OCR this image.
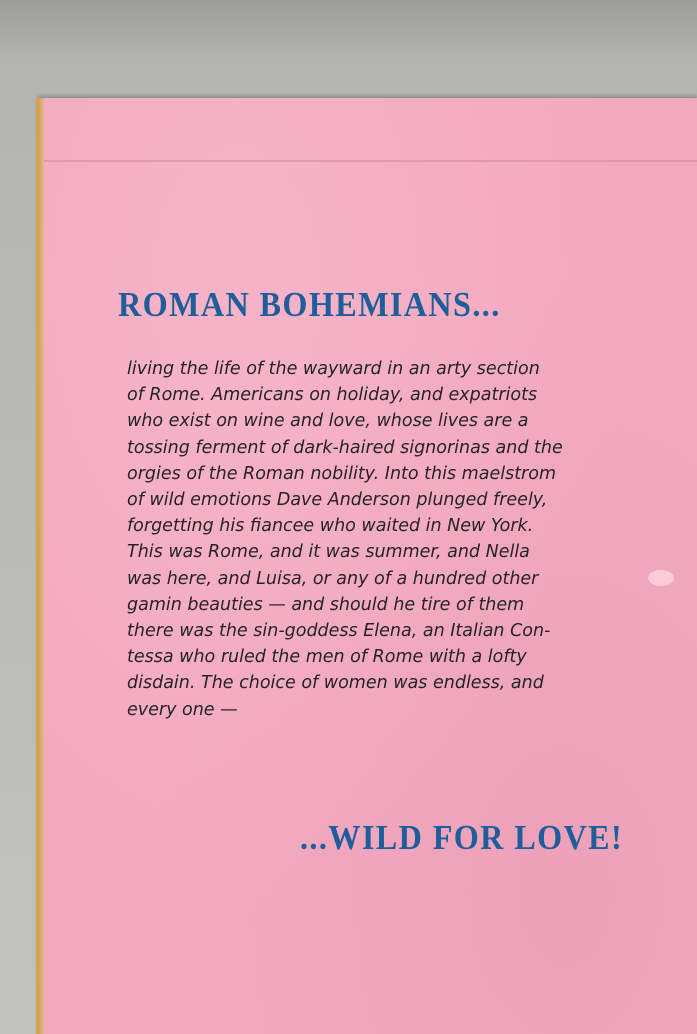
ROMAN BOHEMIANS...
living the life of the wayward in an arty section
of Rome. Americans on holiday, and expatriots
who exist on wine and love, whose lives are a
tossing ferment of dark-haired signorinas and the
orgies of the Roman nobility. Into this maelstrom
of wild emotions Dave Anderson plunged freely,
forgetting his fiancee who waited in New York.
This was Rome, and it was summer, and Nella
was here, and Luisa, or any of a hundred other
gamin beauties — and should he tire of them
there was the sin-goddess Elena, an Italian Con-
tessa who ruled the men of Rome with a lofty
disdain. The choice of women was endless, and
every one —
...WILD FOR LOVE!
